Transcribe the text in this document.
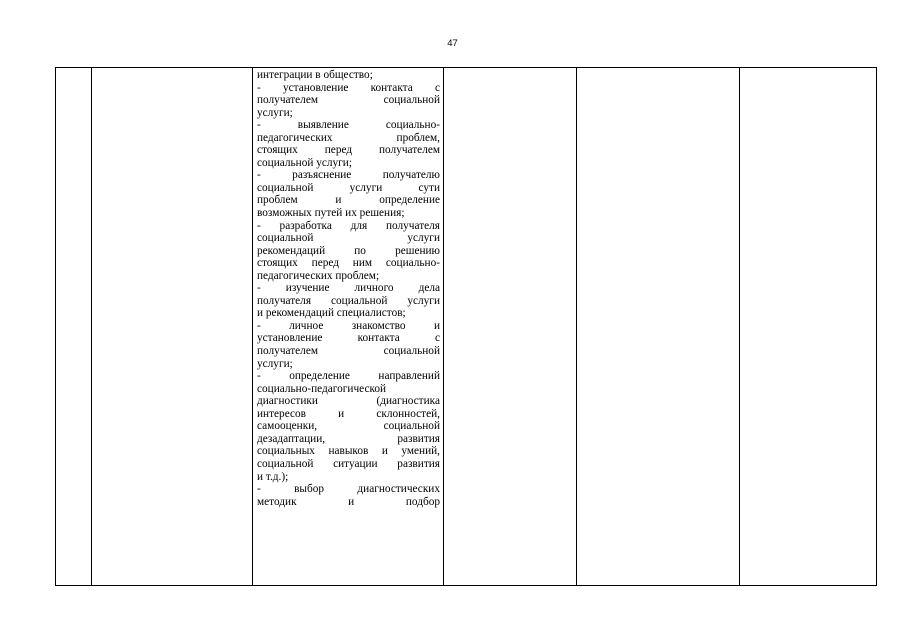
47
интеграции в общество;
- установление контакта с
получателем социальной
услуги;
- выявление социально-
педагогических проблем,
стоящих перед получателем
социальной услуги;
- разъяснение получателю
социальной услуги сути
проблем и определение
возможных путей их решения;
- разработка для получателя
социальной услуги
рекомендаций по решению
стоящих перед ним социально-
педагогических проблем;
- изучение личного дела
получателя социальной услуги
и рекомендаций специалистов;
- личное знакомство и
установление контакта с
получателем социальной
услуги;
- определение направлений
социально-педагогической
диагностики (диагностика
интересов и склонностей,
самооценки, социальной
дезадаптации, развития
социальных навыков и умений,
социальной ситуации развития
и т.д.);
- выбор диагностических
методик и подбор
